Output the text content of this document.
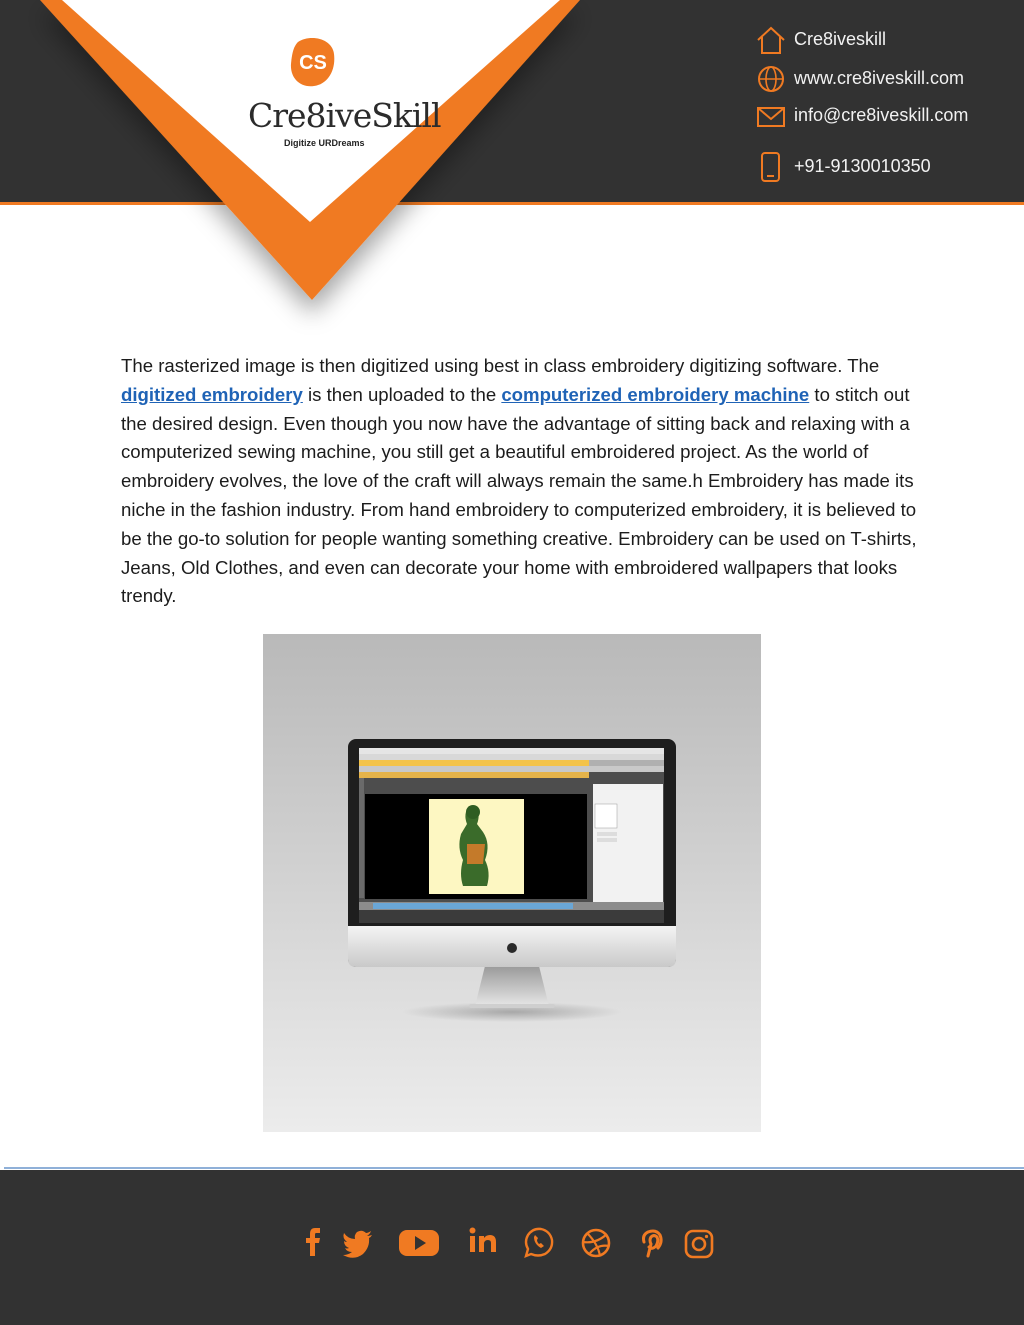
CS
Cre8iveSkill
Digitize URDreams
Cre8iveskill
www.cre8iveskill.com
info@cre8iveskill.com
+91-9130010350

The rasterized image is then digitized using best in class embroidery digitizing software. The digitized embroidery is then uploaded to the computerized embroidery machine to stitch out the desired design. Even though you now have the advantage of sitting back and relaxing with a computerized sewing machine, you still get a beautiful embroidered project. As the world of embroidery evolves, the love of the craft will always remain the same.h Embroidery has made its niche in the fashion industry. From hand embroidery to computerized embroidery, it is believed to be the go-to solution for people wanting something creative. Embroidery can be used on T-shirts, Jeans, Old Clothes, and even can decorate your home with embroidered wallpapers that looks trendy.
